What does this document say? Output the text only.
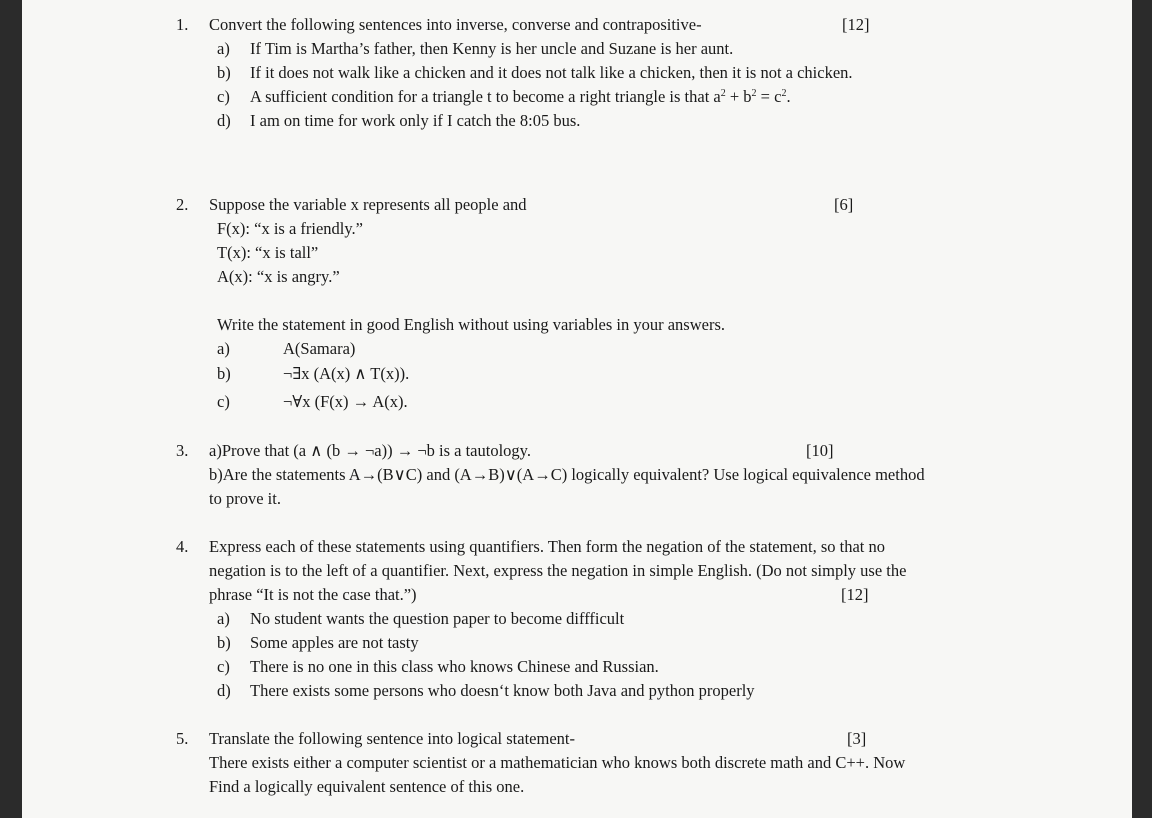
1. Convert the following sentences into inverse, converse and contrapositive-	[12]
a) If Tim is Martha’s father, then Kenny is her uncle and Suzane is her aunt.
b) If it does not walk like a chicken and it does not talk like a chicken, then it is not a chicken.
c) A sufficient condition for a triangle t to become a right triangle is that $a^2 + b^2 = c^2$.
d) I am on time for work only if I catch the 8:05 bus.
2. Suppose the variable x represents all people and	[6]
F(x): “x is a friendly.”
T(x): “x is tall”
A(x): “x is angry.”
Write the statement in good English without using variables in your answers.
a)	A(Samara)
b)	¬∃x (A(x) ∧ T(x)).
c)	¬∀x (F(x) → A(x).
3. a)Prove that (a ∧ (b → ¬a)) → ¬b is a tautology.	[10]
b)Are the statements A→(B∨C) and (A→B)∨(A→C) logically equivalent? Use logical equivalence method
to prove it.
4. Express each of these statements using quantifiers. Then form the negation of the statement, so that no
negation is to the left of a quantifier. Next, express the negation in simple English. (Do not simply use the
phrase “It is not the case that.”)	[12]
a) No student wants the question paper to become diffficult
b) Some apples are not tasty
c) There is no one in this class who knows Chinese and Russian.
d) There exists some persons who doesn‘t know both Java and python properly
5. Translate the following sentence into logical statement-	[3]
There exists either a computer scientist or a mathematician who knows both discrete math and C++. Now
Find a logically equivalent sentence of this one.
